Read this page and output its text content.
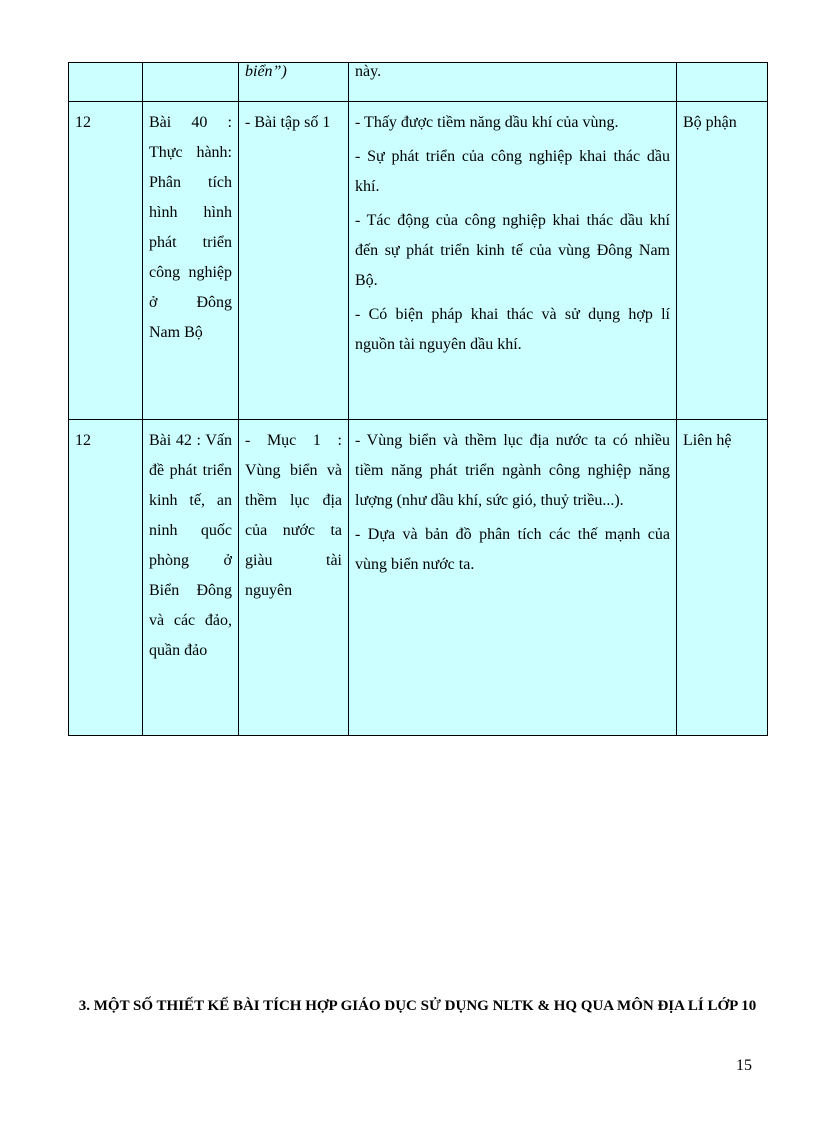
		biển”)	này.	

12	Bài 40 : Thực hành: Phân tích hình hình phát triển công nghiệp ở Đông Nam Bộ	- Bài tập số 1	- Thấy được tiềm năng dầu khí của vùng.

- Sự phát triển của công nghiệp khai thác dầu khí.

- Tác động của công nghiệp khai thác dầu khí đến sự phát triển kinh tế của vùng Đông Nam Bộ.

- Có biện pháp khai thác và sử dụng hợp lí nguồn tài nguyên dầu khí.	Bộ phận
12	Bài 42 : Vấn đề phát triển kinh tế, an ninh quốc phòng ở Biển Đông và các đảo, quần đảo	- Mục 1 : Vùng biển và thềm lục địa của nước ta giàu tài nguyên	- Vùng biển và thềm lục địa nước ta có nhiều tiềm năng phát triển ngành công nghiệp năng lượng (như dầu khí, sức gió, thuỷ triều...).

- Dựa và bản đồ phân tích các thế mạnh của vùng biển nước ta.	Liên hệ
3. MỘT SỐ THIẾT KẾ BÀI TÍCH HỢP GIÁO DỤC SỬ DỤNG NLTK & HQ QUA MÔN ĐỊA LÍ LỚP 10
15
